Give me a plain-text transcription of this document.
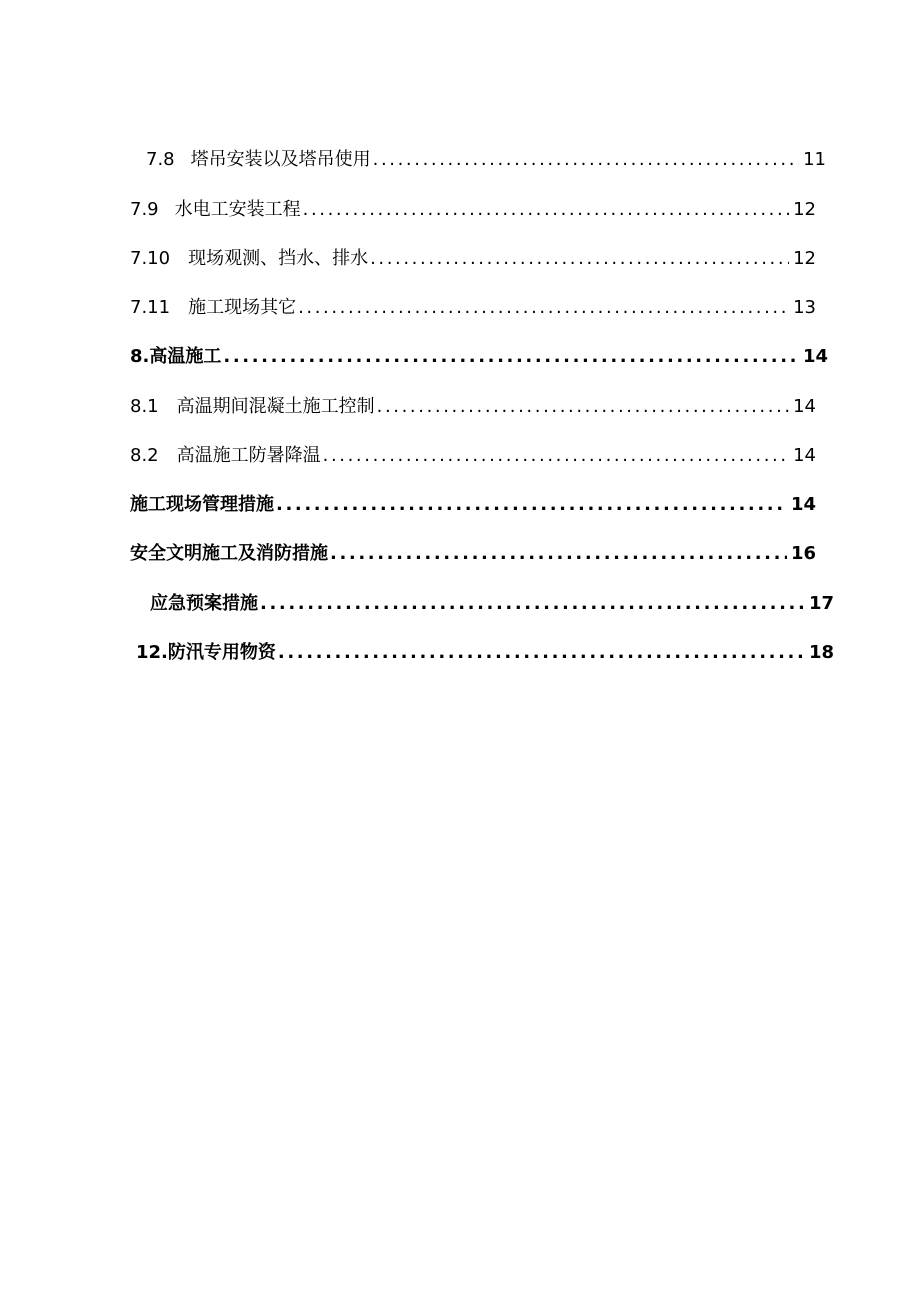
7.8 塔吊安装以及塔吊使用 .....	11
7.9 水电工安装工程 .....	12
7.10 现场观测、挡水、排水 .....	12
7.11 施工现场其它 .....	13
8. 高温施工 .....	14
8.1 高温期间混凝土施工控制 .....	14
8.2 高温施工防暑降温 .....	14
施工现场管理措施 .....	14
安全文明施工及消防措施 .....	16
应急预案措施 .....	17
12. 防汛专用物资 .....	18
